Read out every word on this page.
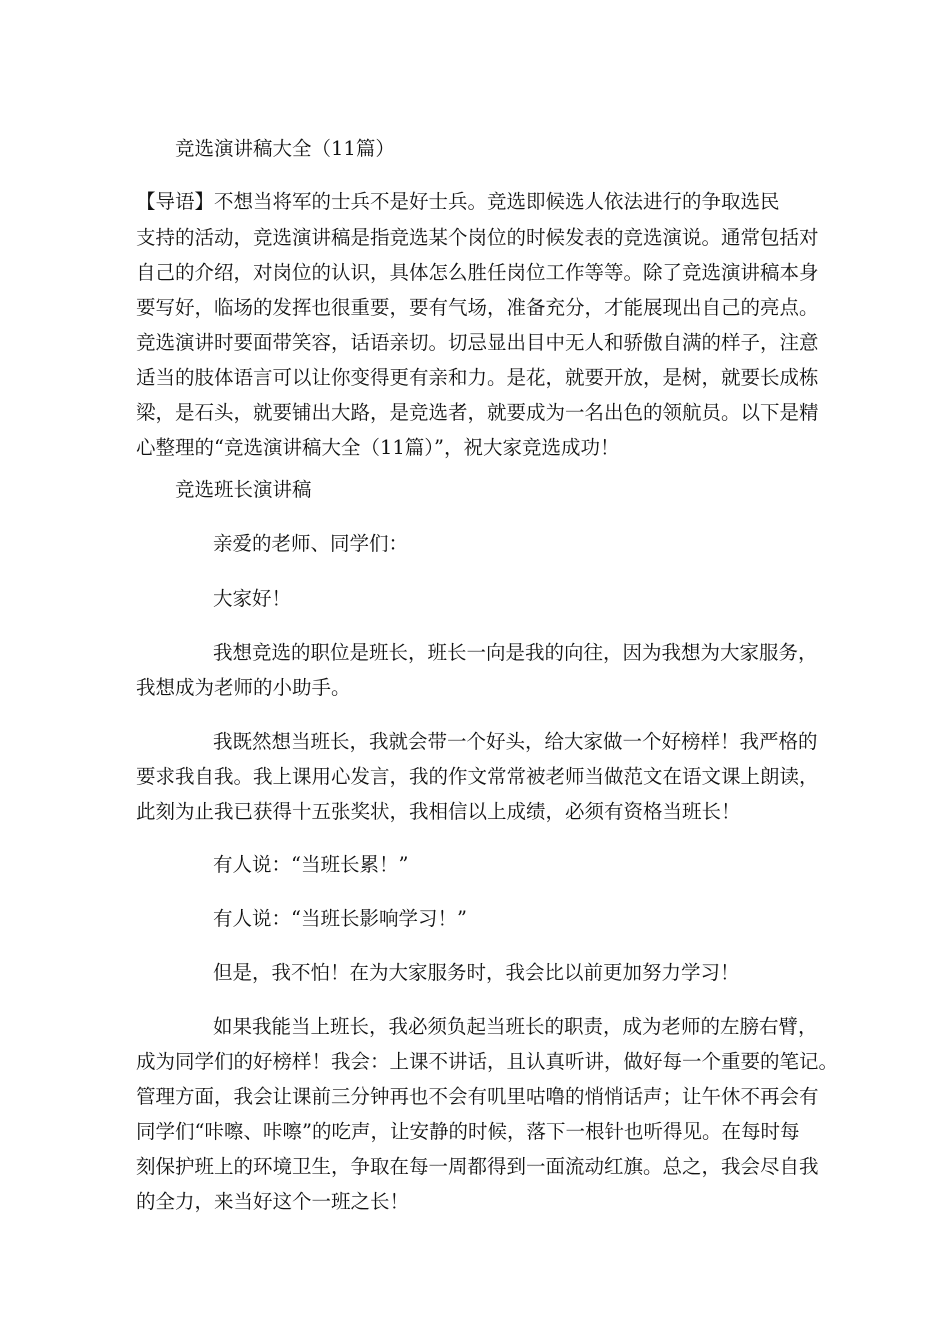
竞选演讲稿大全（11篇）
【导语】不想当将军的士兵不是好士兵。竞选即候选人依法进行的争取选民
支持的活动，竞选演讲稿是指竞选某个岗位的时候发表的竞选演说。通常包括对
自己的介绍，对岗位的认识，具体怎么胜任岗位工作等等。除了竞选演讲稿本身
要写好，临场的发挥也很重要，要有气场，准备充分，才能展现出自己的亮点。
竞选演讲时要面带笑容，话语亲切。切忌显出目中无人和骄傲自满的样子，注意
适当的肢体语言可以让你变得更有亲和力。是花，就要开放，是树，就要长成栋
梁，是石头，就要铺出大路，是竞选者，就要成为一名出色的领航员。以下是精
心整理的“竞选演讲稿大全（11篇）”，祝大家竞选成功！
竞选班长演讲稿
亲爱的老师、同学们：
大家好！
我想竞选的职位是班长，班长一向是我的向往，因为我想为大家服务，
我想成为老师的小助手。
我既然想当班长，我就会带一个好头，给大家做一个好榜样！我严格的
要求我自我。我上课用心发言，我的作文常常被老师当做范文在语文课上朗读，
此刻为止我已获得十五张奖状，我相信以上成绩，必须有资格当班长！
有人说：“当班长累！”
有人说：“当班长影响学习！”
但是，我不怕！在为大家服务时，我会比以前更加努力学习！
如果我能当上班长，我必须负起当班长的职责，成为老师的左膀右臂，
成为同学们的好榜样！我会：上课不讲话，且认真听讲，做好每一个重要的笔记。
管理方面，我会让课前三分钟再也不会有叽里咕噜的悄悄话声；让午休不再会有
同学们“咔嚓、咔嚓”的吃声，让安静的时候，落下一根针也听得见。在每时每
刻保护班上的环境卫生，争取在每一周都得到一面流动红旗。总之，我会尽自我
的全力，来当好这个一班之长！
